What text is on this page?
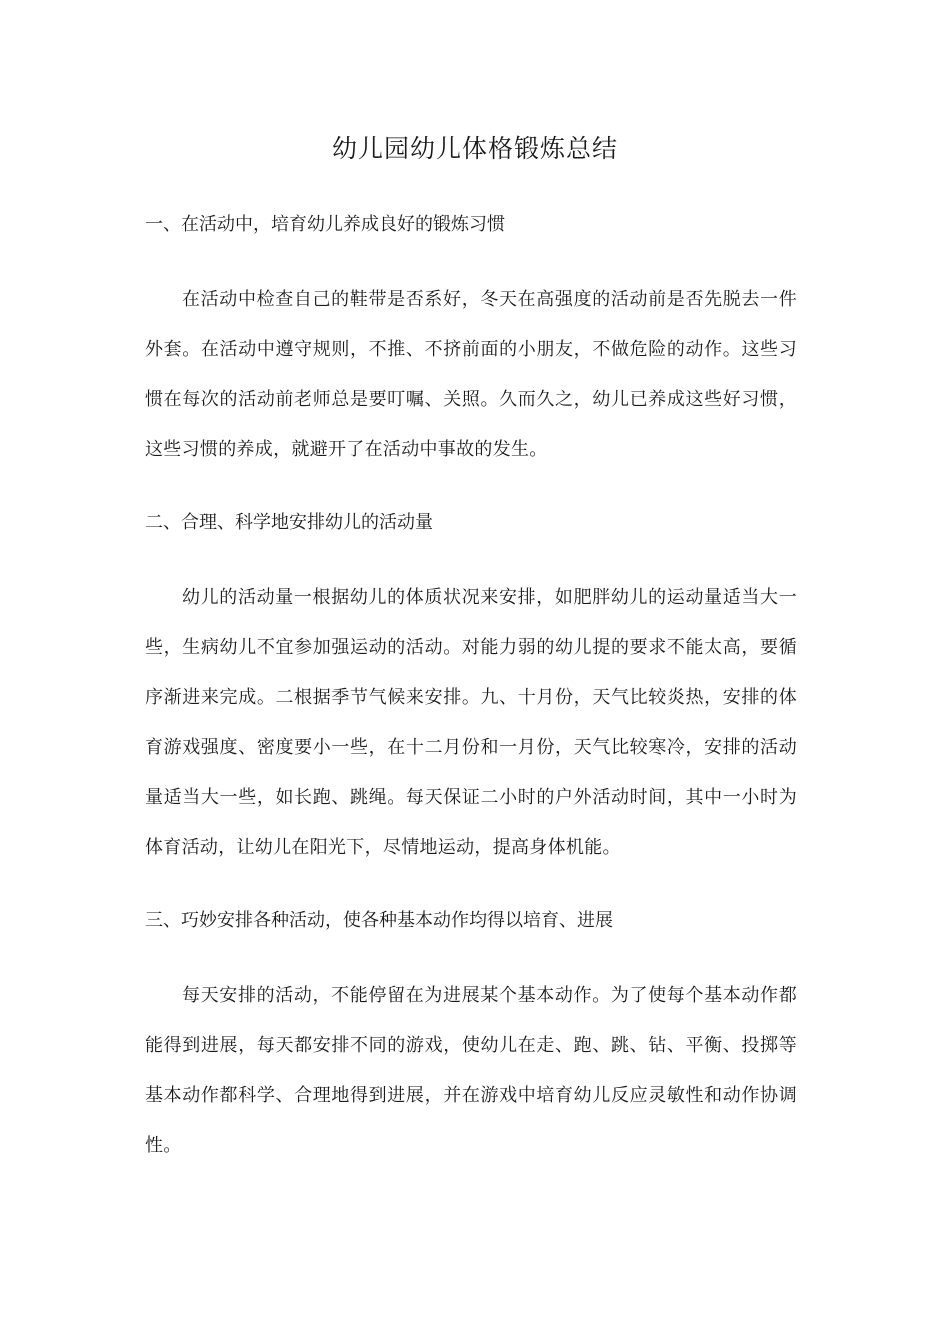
幼儿园幼儿体格锻炼总结
一、在活动中，培育幼儿养成良好的锻炼习惯

在活动中检查自己的鞋带是否系好，冬天在高强度的活动前是否先脱去一件外套。在活动中遵守规则，不推、不挤前面的小朋友，不做危险的动作。这些习惯在每次的活动前老师总是要叮嘱、关照。久而久之，幼儿已养成这些好习惯，这些习惯的养成，就避开了在活动中事故的发生。

二、合理、科学地安排幼儿的活动量

幼儿的活动量一根据幼儿的体质状况来安排，如肥胖幼儿的运动量适当大一些，生病幼儿不宜参加强运动的活动。对能力弱的幼儿提的要求不能太高，要循序渐进来完成。二根据季节气候来安排。九、十月份，天气比较炎热，安排的体育游戏强度、密度要小一些，在十二月份和一月份，天气比较寒冷，安排的活动量适当大一些，如长跑、跳绳。每天保证二小时的户外活动时间，其中一小时为体育活动，让幼儿在阳光下，尽情地运动，提高身体机能。

三、巧妙安排各种活动，使各种基本动作均得以培育、进展

每天安排的活动，不能停留在为进展某个基本动作。为了使每个基本动作都能得到进展，每天都安排不同的游戏，使幼儿在走、跑、跳、钻、平衡、投掷等基本动作都科学、合理地得到进展，并在游戏中培育幼儿反应灵敏性和动作协调性。
